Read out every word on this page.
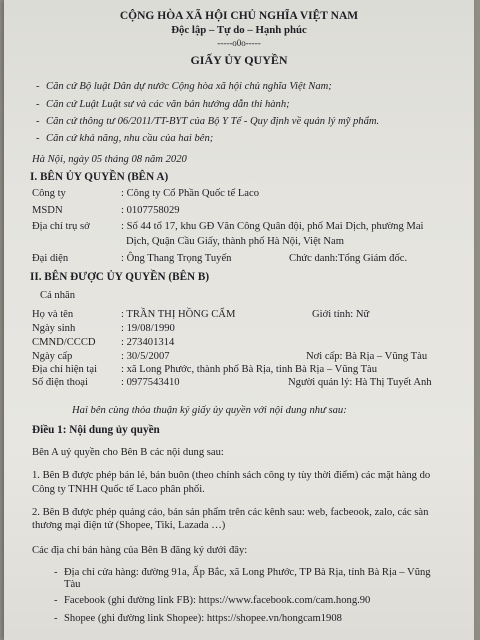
CỘNG HÒA XÃ HỘI CHỦ NGHĨA VIỆT NAM
Độc lập – Tự do – Hạnh phúc
-----o0o-----
GIẤY ỦY QUYỀN
- Căn cứ Bộ luật Dân dự nước Cộng hòa xã hội chủ nghĩa Việt Nam;
- Căn cứ Luật Luật sư và các văn bản hướng dẫn thi hành;
- Căn cứ thông tư 06/2011/TT-BYT của Bộ Y Tế - Quy định về quản lý mỹ phẩm.
- Căn cứ khả năng, nhu cầu của hai bên;
Hà Nội, ngày 05 tháng 08 năm 2020
I. BÊN ỦY QUYỀN (BÊN A)
Công ty	: Công ty Cổ Phần Quốc tế Laco
MSDN	: 0107758029
Địa chỉ trụ sở	: Số 44 tổ 17, khu GĐ Văn Công Quân đội, phố Mai Dịch, phường Mai
Dịch, Quận Cầu Giấy, thành phố Hà Nội, Việt Nam
Đại diện	: Ông Thang Trọng Tuyến	Chức danh:Tổng Giám đốc.
II. BÊN ĐƯỢC ỦY QUYỀN (BÊN B)
Cá nhân
Họ và tên	: TRẦN THỊ HỒNG CẨM	Giới tính: Nữ
Ngày sinh	: 19/08/1990
CMND/CCCD : 273401314
Ngày cấp	: 30/5/2007	Nơi cấp: Bà Rịa – Vũng Tàu
Địa chỉ hiện tại : xã Long Phước, thành phố Bà Rịa, tỉnh Bà Rịa – Vũng Tàu
Số điện thoại	: 0977543410	Người quản lý: Hà Thị Tuyết Anh
Hai bên cùng thỏa thuận ký giấy ủy quyền với nội dung như sau:
Điều 1: Nội dung ủy quyền
Bên A uỷ quyền cho Bên B các nội dung sau:
1. Bên B được phép bán lẻ, bán buôn (theo chính sách công ty tùy thời điểm) các mặt hàng do
Công ty TNHH Quốc tế Laco phân phối.
2. Bên B được phép quảng cáo, bán sản phẩm trên các kênh sau: web, facbeook, zalo, các sàn
thương mại điện tử (Shopee, Tiki, Lazada …)
Các địa chỉ bán hàng của Bên B đăng ký dưới đây:
- Địa chỉ cửa hàng: đường 91a, Ấp Bắc, xã Long Phước, TP Bà Rịa, tỉnh Bà Rịa – Vũng
Tàu
- Facebook (ghi đường link FB): https://www.facebook.com/cam.hong.90
- Shopee (ghi đường link Shopee): https://shopee.vn/hongcam1908
